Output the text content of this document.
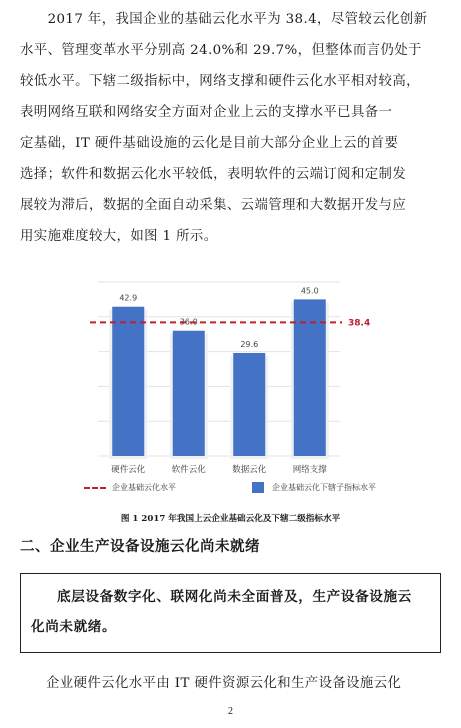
　　2017 年，我国企业的基础云化水平为 38.4，尽管较云化创新
水平、管理变革水平分别高 24.0%和 29.7%，但整体而言仍处于
较低水平。下辖二级指标中，网络支撑和硬件云化水平相对较高，
表明网络互联和网络安全方面对企业上云的支撑水平已具备一
定基础，IT 硬件基础设施的云化是目前大部分企业上云的首要
选择；软件和数据云化水平较低，表明软件的云端订阅和定制发
展较为滞后，数据的全面自动采集、云端管理和大数据开发与应
用实施难度较大，如图 1 所示。
42.9
硬件云化
36.0
软件云化
29.6
数据云化
45.0
网络支撑
38.4
企业基础云化水平	企业基础云化下辖子指标水平
图 1 2017 年我国上云企业基础云化及下辖二级指标水平
二、企业生产设备设施云化尚未就绪
底层设备数字化、联网化尚未全面普及，生产设备设施云
化尚未就绪。
企业硬件云化水平由 IT 硬件资源云化和生产设备设施云化
2
